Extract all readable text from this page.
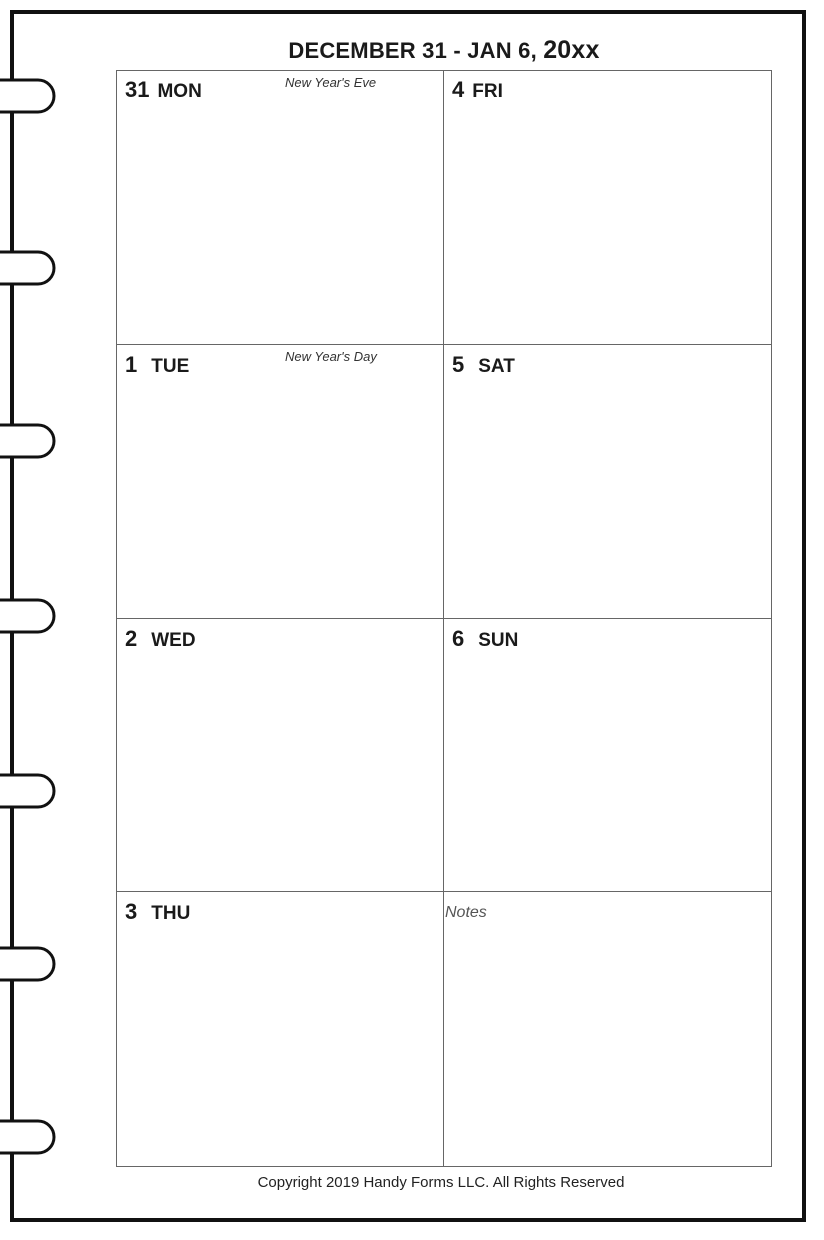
DECEMBER 31 - JAN 6, 20xx
31 MON	New Year's Eve	4 FRI
1 TUE	New Year's Day	5 SAT
2 WED	6 SUN
3 THU	Notes
Copyright 2019 Handy Forms LLC. All Rights Reserved
